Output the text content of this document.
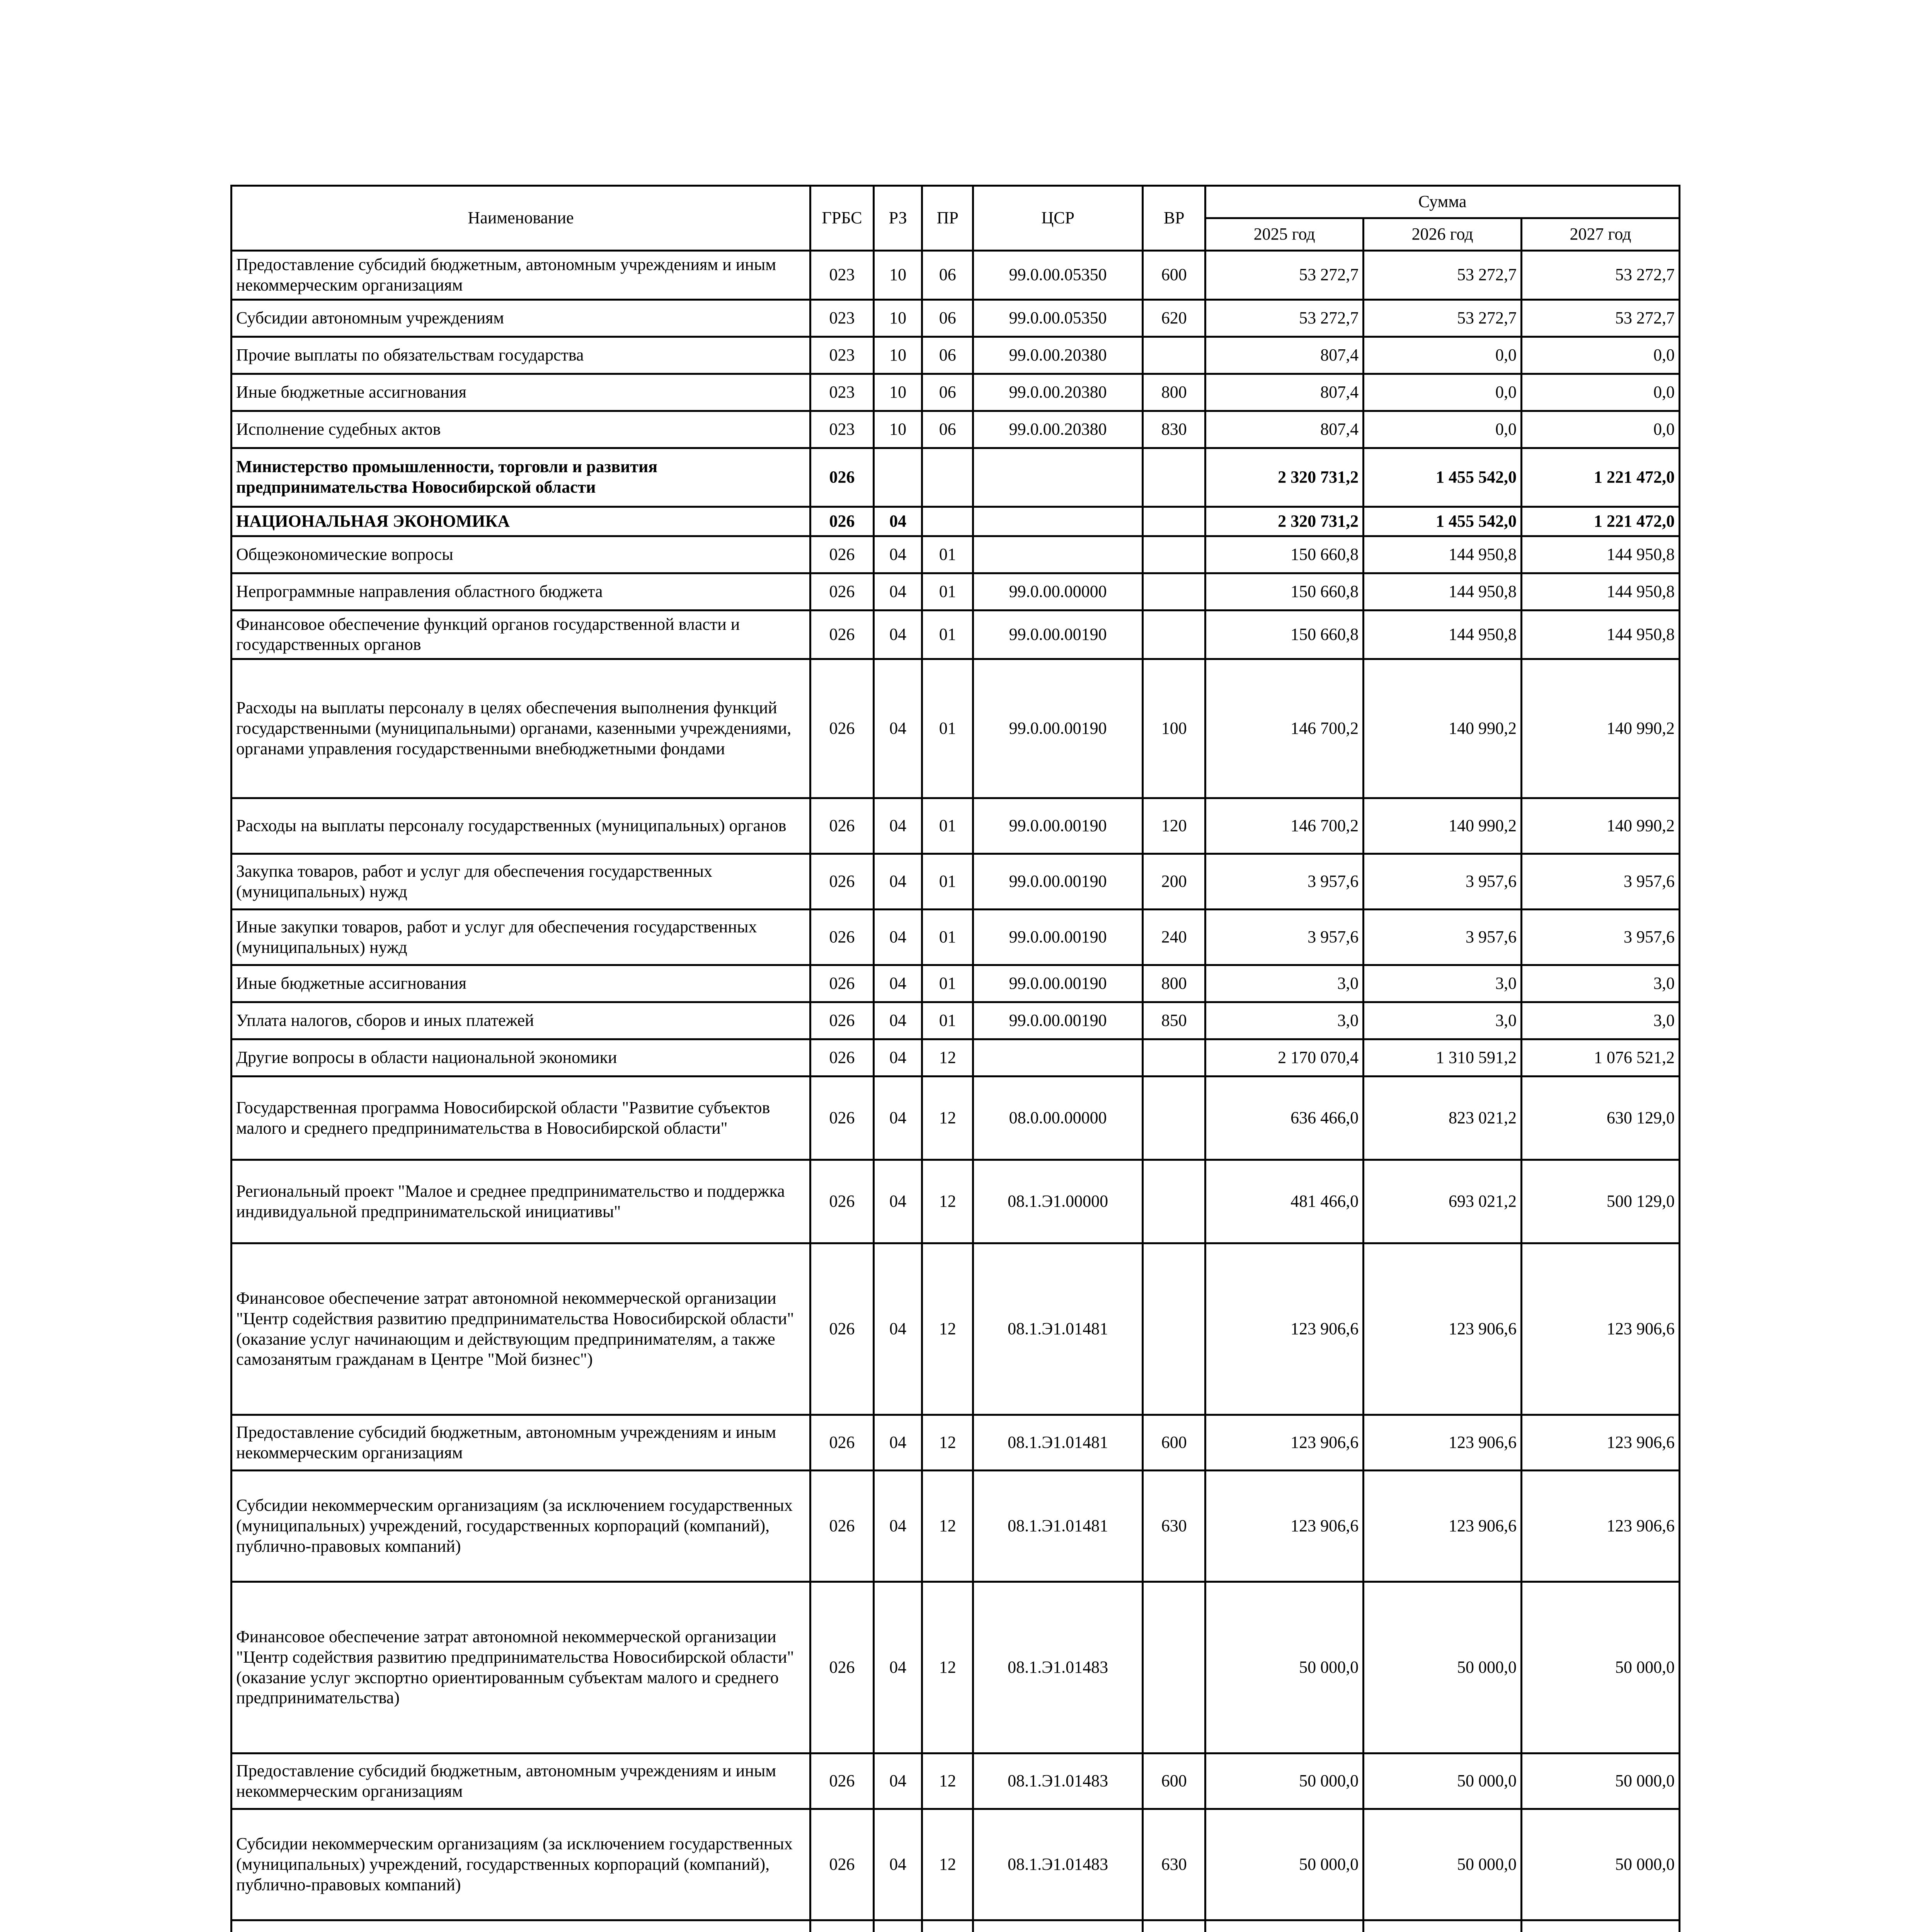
Наименование	ГРБС	РЗ	ПР	ЦСР	ВР	Сумма		
						2025 год	2026 год	2027 год
Предоставление субсидий бюджетным, автономным учреждениям и иным некоммерческим организациям	023	10	06	99.0.00.05350	600	53 272,7	53 272,7	53 272,7
Субсидии автономным учреждениям	023	10	06	99.0.00.05350	620	53 272,7	53 272,7	53 272,7
Прочие выплаты по обязательствам государства	023	10	06	99.0.00.20380		807,4	0,0	0,0
Иные бюджетные ассигнования	023	10	06	99.0.00.20380	800	807,4	0,0	0,0
Исполнение судебных актов	023	10	06	99.0.00.20380	830	807,4	0,0	0,0
Министерство промышленности, торговли и развития предпринимательства Новосибирской области	026					2 320 731,2	1 455 542,0	1 221 472,0
НАЦИОНАЛЬНАЯ ЭКОНОМИКА	026	04				2 320 731,2	1 455 542,0	1 221 472,0
Общеэкономические вопросы	026	04	01			150 660,8	144 950,8	144 950,8
Непрограммные направления областного бюджета	026	04	01	99.0.00.00000		150 660,8	144 950,8	144 950,8
Финансовое обеспечение функций органов государственной власти и государственных органов	026	04	01	99.0.00.00190		150 660,8	144 950,8	144 950,8
Расходы на выплаты персоналу в целях обеспечения выполнения функций государственными (муниципальными) органами, казенными учреждениями, органами управления государственными внебюджетными фондами	026	04	01	99.0.00.00190	100	146 700,2	140 990,2	140 990,2
Расходы на выплаты персоналу государственных (муниципальных) органов	026	04	01	99.0.00.00190	120	146 700,2	140 990,2	140 990,2
Закупка товаров, работ и услуг для обеспечения государственных (муниципальных) нужд	026	04	01	99.0.00.00190	200	3 957,6	3 957,6	3 957,6
Иные закупки товаров, работ и услуг для обеспечения государственных (муниципальных) нужд	026	04	01	99.0.00.00190	240	3 957,6	3 957,6	3 957,6
Иные бюджетные ассигнования	026	04	01	99.0.00.00190	800	3,0	3,0	3,0
Уплата налогов, сборов и иных платежей	026	04	01	99.0.00.00190	850	3,0	3,0	3,0
Другие вопросы в области национальной экономики	026	04	12			2 170 070,4	1 310 591,2	1 076 521,2
Государственная программа Новосибирской области "Развитие субъектов малого и среднего предпринимательства в Новосибирской области"	026	04	12	08.0.00.00000		636 466,0	823 021,2	630 129,0
Региональный проект "Малое и среднее предпринимательство и поддержка индивидуальной предпринимательской инициативы"	026	04	12	08.1.Э1.00000		481 466,0	693 021,2	500 129,0
Финансовое обеспечение затрат автономной некоммерческой организации "Центр содействия развитию предпринимательства Новосибирской области" (оказание услуг начинающим и действующим предпринимателям, а также самозанятым гражданам в Центре "Мой бизнес")	026	04	12	08.1.Э1.01481		123 906,6	123 906,6	123 906,6
Предоставление субсидий бюджетным, автономным учреждениям и иным некоммерческим организациям	026	04	12	08.1.Э1.01481	600	123 906,6	123 906,6	123 906,6
Субсидии некоммерческим организациям (за исключением государственных (муниципальных) учреждений, государственных корпораций (компаний), публично-правовых компаний)	026	04	12	08.1.Э1.01481	630	123 906,6	123 906,6	123 906,6
Финансовое обеспечение затрат автономной некоммерческой организации "Центр содействия развитию предпринимательства Новосибирской области" (оказание услуг экспортно ориентированным субъектам малого и среднего предпринимательства)	026	04	12	08.1.Э1.01483		50 000,0	50 000,0	50 000,0
Предоставление субсидий бюджетным, автономным учреждениям и иным некоммерческим организациям	026	04	12	08.1.Э1.01483	600	50 000,0	50 000,0	50 000,0
Субсидии некоммерческим организациям (за исключением государственных (муниципальных) учреждений, государственных корпораций (компаний), публично-правовых компаний)	026	04	12	08.1.Э1.01483	630	50 000,0	50 000,0	50 000,0
